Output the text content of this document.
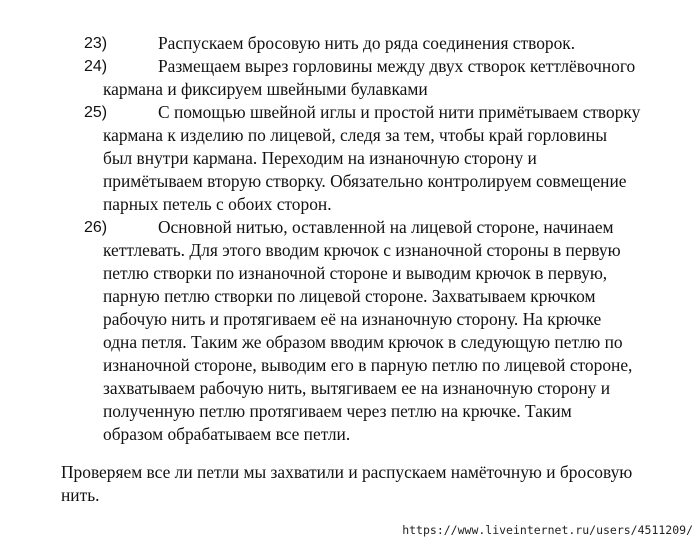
23)	Распускаем бросовую нить до ряда соединения створок.
24)	Размещаем вырез горловины между двух створок кеттлёвочного
кармана и фиксируем швейными булавками
25)	С помощью швейной иглы и простой нити примётываем створку
кармана к изделию по лицевой, следя за тем, чтобы край горловины
был внутри кармана. Переходим на изнаночную сторону и
примётываем вторую створку. Обязательно контролируем совмещение
парных петель с обоих сторон.
26)	Основной нитью, оставленной на лицевой стороне, начинаем
кеттлевать. Для этого вводим крючок с изнаночной стороны в первую
петлю створки по изнаночной стороне и выводим крючок в первую,
парную петлю створки по лицевой стороне. Захватываем крючком
рабочую нить и протягиваем её на изнаночную сторону. На крючке
одна петля. Таким же образом вводим крючок в следующую петлю по
изнаночной стороне, выводим его в парную петлю по лицевой стороне,
захватываем рабочую нить, вытягиваем ее на изнаночную сторону и
полученную петлю протягиваем через петлю на крючке. Таким
образом обрабатываем все петли.

Проверяем все ли петли мы захватили и распускаем намёточную и бросовую
нить.

https://www.liveinternet.ru/users/4511209/
